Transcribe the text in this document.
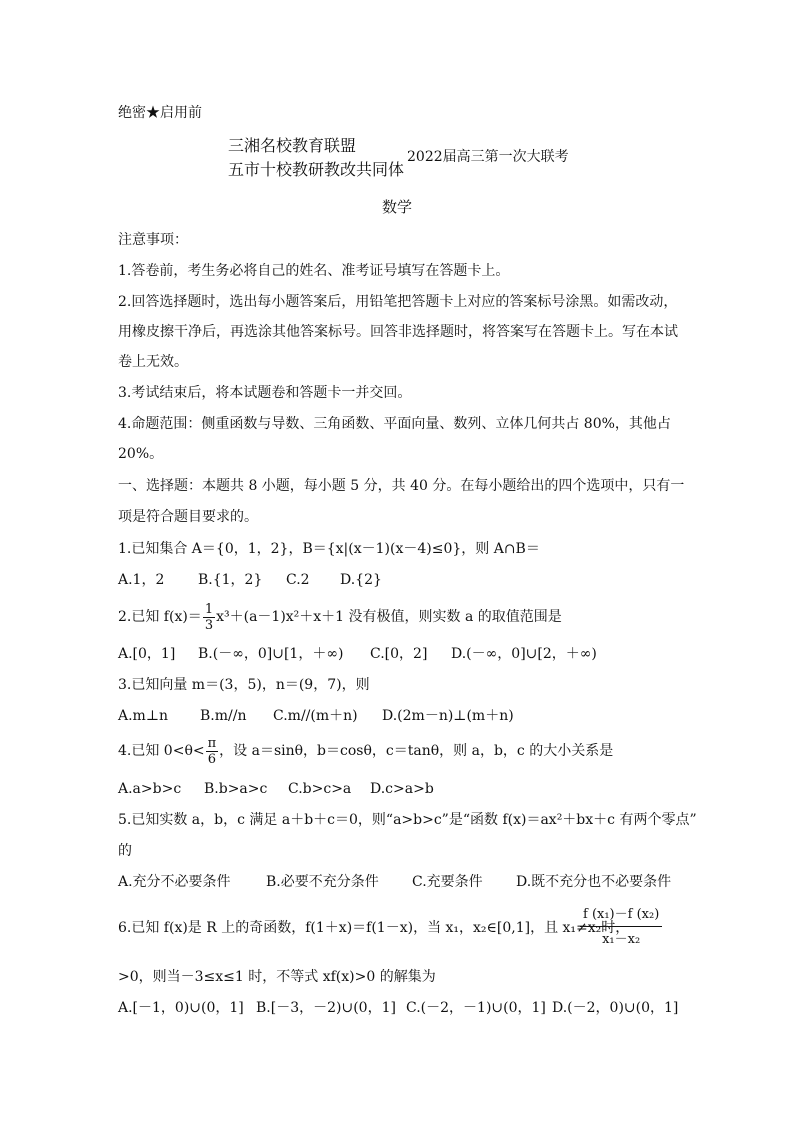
绝密★启用前
三湘名校教育联盟
五市十校教研教改共同体
2022届高三第一次大联考
数学
注意事项：
1.答卷前，考生务必将自己的姓名、准考证号填写在答题卡上。
2.回答选择题时，选出每小题答案后，用铅笔把答题卡上对应的答案标号涂黑。如需改动，
用橡皮擦干净后，再选涂其他答案标号。回答非选择题时，将答案写在答题卡上。写在本试
卷上无效。
3.考试结束后，将本试题卷和答题卡一并交回。
4.命题范围：侧重函数与导数、三角函数、平面向量、数列、立体几何共占 80%，其他占
20%。
一、选择题：本题共 8 小题，每小题 5 分，共 40 分。在每小题给出的四个选项中，只有一
项是符合题目要求的。
1.已知集合 A＝{0，1，2}，B＝{x|(x－1)(x－4)≤0}，则 A∩B＝
A.1，2 B.{1，2} C.2 D.{2}
2.已知 $f(x)= \frac{1}{3} x^3+(a-1)x^2+x+1$ 没有极值，则实数 a 的取值范围是
A.[0，1] B.(－∞，0]∪[1，＋∞) C.[0，2] D.(－∞，0]∪[2，＋∞)
3.已知向量 m＝(3，5)，n＝(9，7)，则
A.m⊥n B.m//n C.m//(m＋n) D.(2m－n)⊥(m＋n)
4.已知 $0<\theta< \frac{\pi}{6}$ ，设 a＝sinθ，b＝cosθ，c＝tanθ，则 a，b，c 的大小关系是
A.a>b>c B.b>a>c C.b>c>a D.c>a>b
5.已知实数 a，b，c 满足 a＋b＋c＝0，则“a>b>c”是“函数 f(x)＝ax²＋bx＋c 有两个零点”
的
A.充分不必要条件	B.必要不充分条件 C.充要条件 D.既不充分也不必要条件
6.已知 f(x)是 R 上的奇函数，f(1＋x)＝f(1－x)，当 x₁，x₂∈[0,1]，且 x₁≠x₂时，
$\frac{\text{f (x₁)－f (x₂)}}{\text{x₁－x₂}}$
>0，则当－3≤x≤1 时，不等式 xf(x)>0 的解集为
A.[－1，0)∪(0，1] B.[－3，－2)∪(0，1] C.(－2，－1)∪(0，1] D.(－2，0)∪(0，1]
